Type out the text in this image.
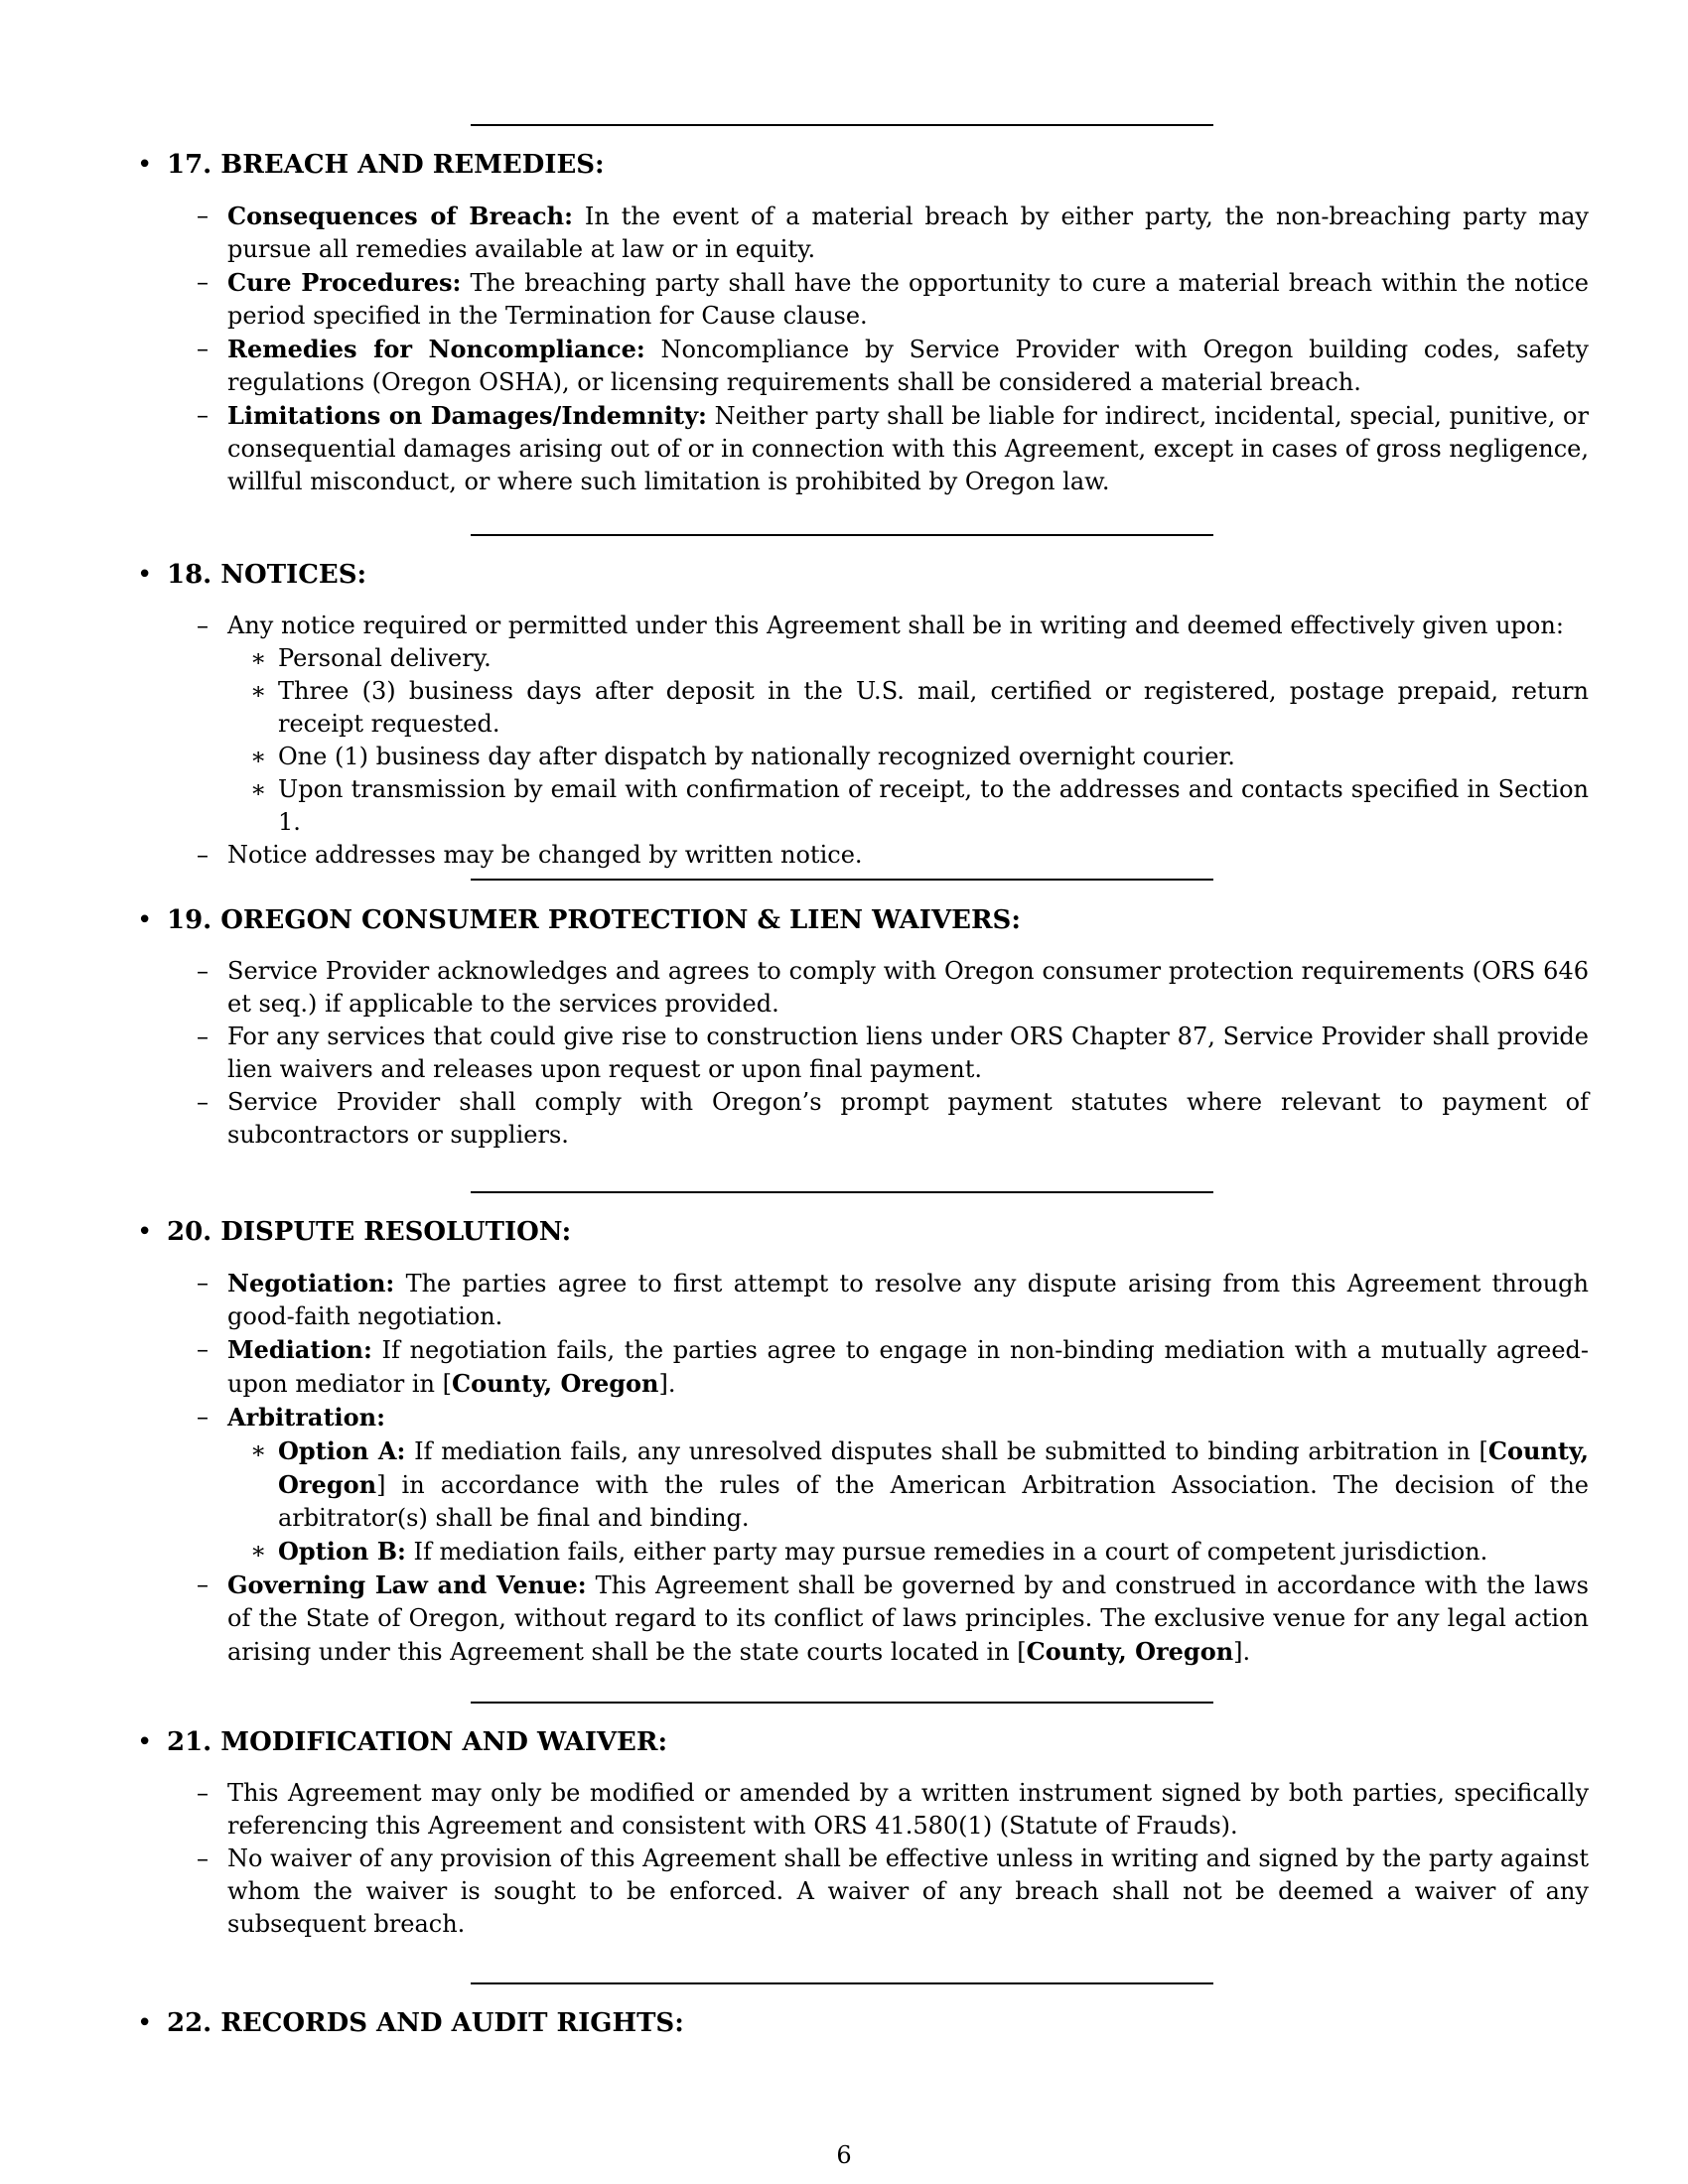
• 17. BREACH AND REMEDIES:
– Consequences of Breach: In the event of a material breach by either party, the non-breaching party may pursue all remedies available at law or in equity.
– Cure Procedures: The breaching party shall have the opportunity to cure a material breach within the notice period specified in the Termination for Cause clause.
– Remedies for Noncompliance: Noncompliance by Service Provider with Oregon building codes, safety regulations (Oregon OSHA), or licensing requirements shall be considered a material breach.
– Limitations on Damages/Indemnity: Neither party shall be liable for indirect, incidental, special, punitive, or consequential damages arising out of or in connection with this Agreement, except in cases of gross negligence, willful misconduct, or where such limitation is prohibited by Oregon law.
• 18. NOTICES:
– Any notice required or permitted under this Agreement shall be in writing and deemed effectively given upon:
∗ Personal delivery.
∗ Three (3) business days after deposit in the U.S. mail, certified or registered, postage prepaid, return receipt requested.
∗ One (1) business day after dispatch by nationally recognized overnight courier.
∗ Upon transmission by email with confirmation of receipt, to the addresses and contacts specified in Section 1.
– Notice addresses may be changed by written notice.
• 19. OREGON CONSUMER PROTECTION & LIEN WAIVERS:
– Service Provider acknowledges and agrees to comply with Oregon consumer protection requirements (ORS 646 et seq.) if applicable to the services provided.
– For any services that could give rise to construction liens under ORS Chapter 87, Service Provider shall provide lien waivers and releases upon request or upon final payment.
– Service Provider shall comply with Oregon’s prompt payment statutes where relevant to payment of subcontractors or suppliers.
• 20. DISPUTE RESOLUTION:
– Negotiation: The parties agree to first attempt to resolve any dispute arising from this Agreement through good-faith negotiation.
– Mediation: If negotiation fails, the parties agree to engage in non-binding mediation with a mutually agreed-upon mediator in [County, Oregon].
– Arbitration:
∗ Option A: If mediation fails, any unresolved disputes shall be submitted to binding arbitration in [County, Oregon] in accordance with the rules of the American Arbitration Association. The decision of the arbitrator(s) shall be final and binding.
∗ Option B: If mediation fails, either party may pursue remedies in a court of competent jurisdiction.
– Governing Law and Venue: This Agreement shall be governed by and construed in accordance with the laws of the State of Oregon, without regard to its conflict of laws principles. The exclusive venue for any legal action arising under this Agreement shall be the state courts located in [County, Oregon].
• 21. MODIFICATION AND WAIVER:
– This Agreement may only be modified or amended by a written instrument signed by both parties, specifically referencing this Agreement and consistent with ORS 41.580(1) (Statute of Frauds).
– No waiver of any provision of this Agreement shall be effective unless in writing and signed by the party against whom the waiver is sought to be enforced. A waiver of any breach shall not be deemed a waiver of any subsequent breach.
• 22. RECORDS AND AUDIT RIGHTS:
6
